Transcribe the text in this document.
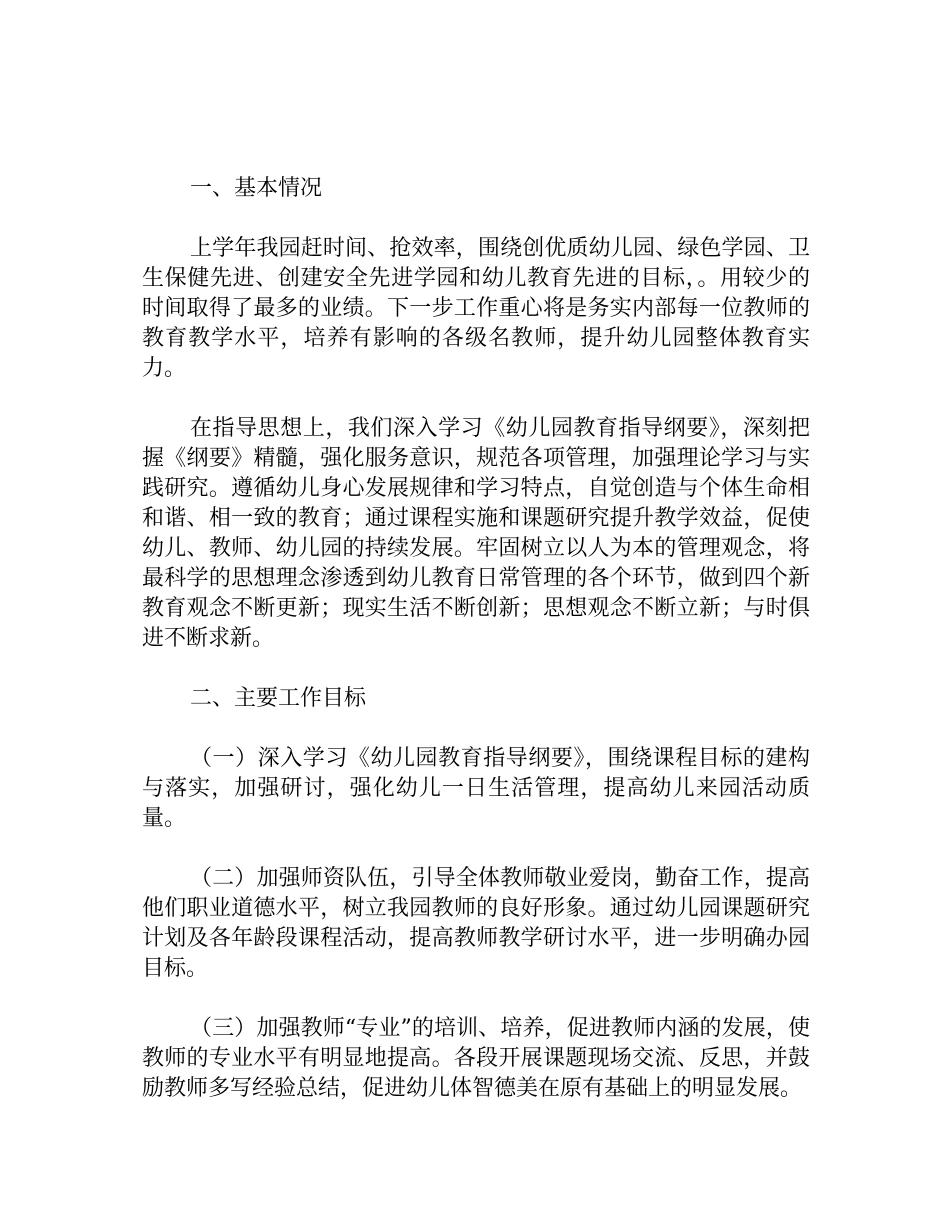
一、基本情况

上学年我园赶时间、抢效率，围绕创优质幼儿园、绿色学园、卫生保健先进、创建安全先进学园和幼儿教育先进的目标，。用较少的时间取得了最多的业绩。下一步工作重心将是务实内部每一位教师的教育教学水平，培养有影响的各级名教师，提升幼儿园整体教育实力。

在指导思想上，我们深入学习《幼儿园教育指导纲要》，深刻把握《纲要》精髓，强化服务意识，规范各项管理，加强理论学习与实践研究。遵循幼儿身心发展规律和学习特点，自觉创造与个体生命相和谐、相一致的教育；通过课程实施和课题研究提升教学效益，促使幼儿、教师、幼儿园的持续发展。牢固树立以人为本的管理观念，将最科学的思想理念渗透到幼儿教育日常管理的各个环节，做到四个新教育观念不断更新；现实生活不断创新；思想观念不断立新；与时俱进不断求新。

二、主要工作目标

（一）深入学习《幼儿园教育指导纲要》，围绕课程目标的建构与落实，加强研讨，强化幼儿一日生活管理，提高幼儿来园活动质量。

（二）加强师资队伍，引导全体教师敬业爱岗，勤奋工作，提高他们职业道德水平，树立我园教师的良好形象。通过幼儿园课题研究计划及各年龄段课程活动，提高教师教学研讨水平，进一步明确办园目标。

（三）加强教师“专业”的培训、培养，促进教师内涵的发展，使教师的专业水平有明显地提高。各段开展课题现场交流、反思，并鼓励教师多写经验总结，促进幼儿体智德美在原有基础上的明显发展。
